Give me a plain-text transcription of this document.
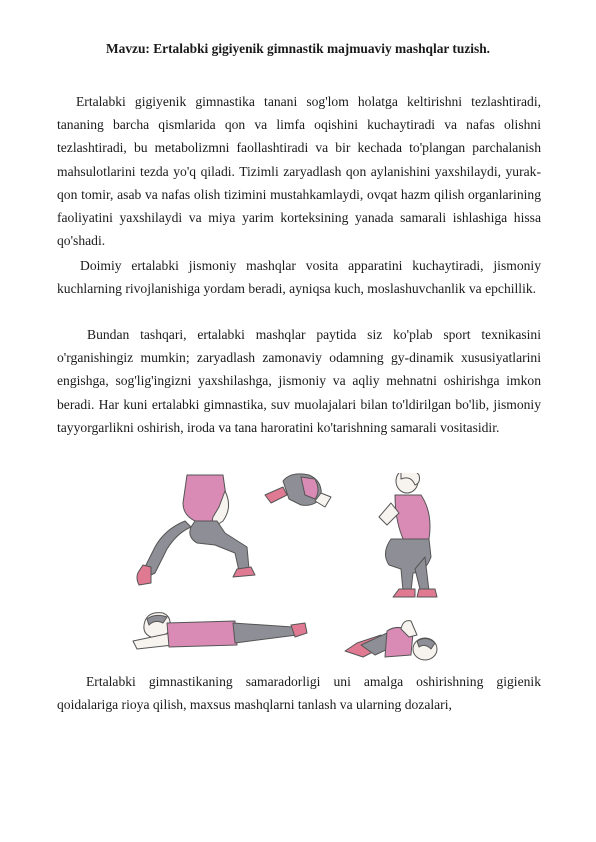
Mavzu: Ertalabki gigiyenik gimnastik majmuaviy mashqlar tuzish.

Ertalabki gigiyenik gimnastika tanani sog'lom holatga keltirishni tezlashtiradi, tananing barcha qismlarida qon va limfa oqishini kuchaytiradi va nafas olishni tezlashtiradi, bu metabolizmni faollashtiradi va bir kechada to'plangan parchalanish mahsulotlarini tezda yo'q qiladi. Tizimli zaryadlash qon aylanishini yaxshilaydi, yurak-qon tomir, asab va nafas olish tizimini mustahkamlaydi, ovqat hazm qilish organlarining faoliyatini yaxshilaydi va miya yarim korteksining yanada samarali ishlashiga hissa qo'shadi.

Doimiy ertalabki jismoniy mashqlar vosita apparatini kuchaytiradi, jismoniy kuchlarning rivojlanishiga yordam beradi, ayniqsa kuch, moslashuvchanlik va epchillik.

Bundan tashqari, ertalabki mashqlar paytida siz ko'plab sport texnikasini o'rganishingiz mumkin; zaryadlash zamonaviy odamning gy-dinamik xususiyatlarini engishga, sog'lig'ingizni yaxshilashga, jismoniy va aqliy mehnatni oshirishga imkon beradi. Har kuni ertalabki gimnastika, suv muolajalari bilan to'ldirilgan bo'lib, jismoniy tayyorgarlikni oshirish, iroda va tana haroratini ko'tarishning samarali vositasidir.

Ertalabki gimnastikaning samaradorligi uni amalga oshirishning gigienik qoidalariga rioya qilish, maxsus mashqlarni tanlash va ularning dozalari,
